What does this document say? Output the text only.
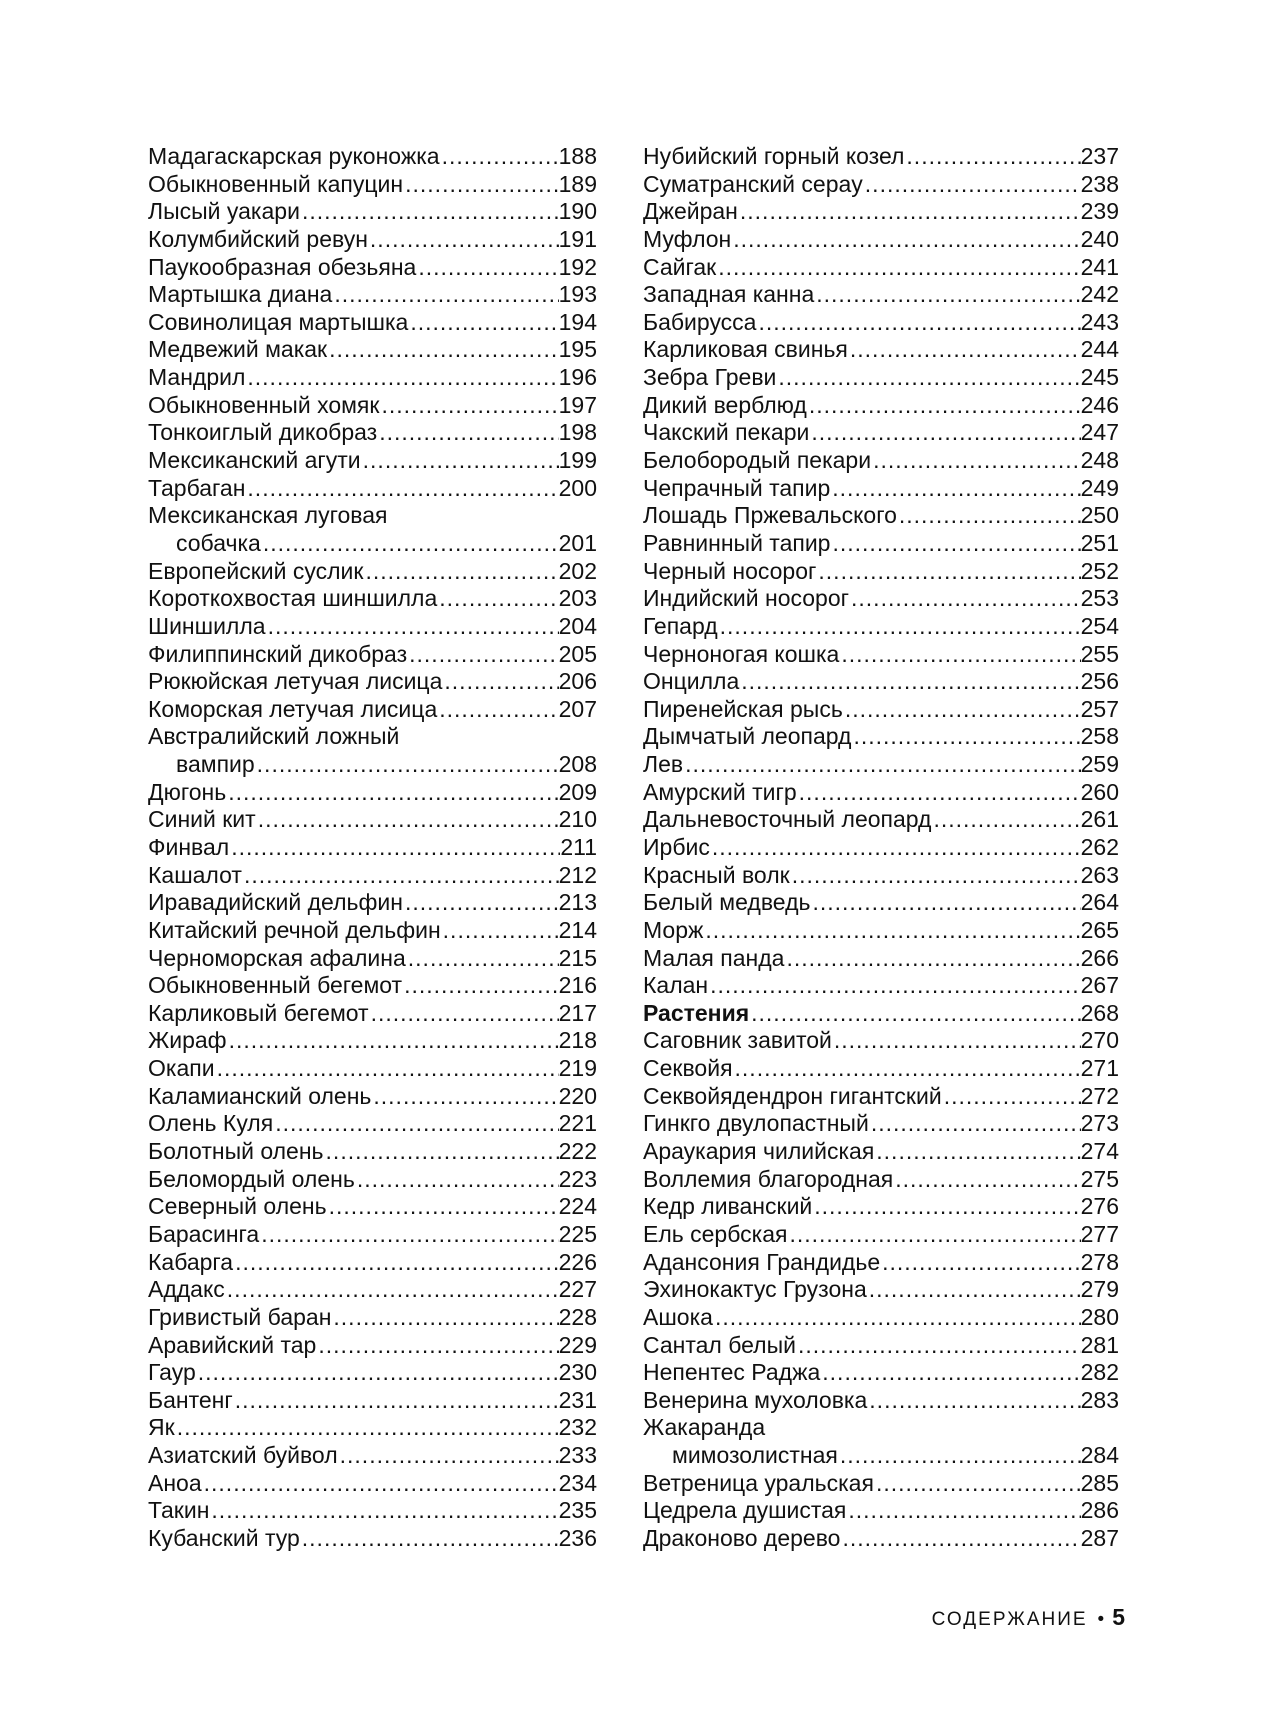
Мадагаскарская руконожка .....	188
Обыкновенный капуцин .....	189
Лысый уакари .....	190
Колумбийский ревун .....	191
Паукообразная обезьяна .....	192
Мартышка диана .....	193
Совинолицая мартышка .....	194
Медвежий макак .....	195
Мандрил .....	196
Обыкновенный хомяк .....	197
Тонкоиглый дикобраз .....	198
Мексиканский агути .....	199
Тарбаган .....	200
Мексиканская луговая
собачка .....	201
Европейский суслик .....	202
Короткохвостая шиншилла .....	203
Шиншилла .....	204
Филиппинский дикобраз .....	205
Рюкюйская летучая лисица .....	206
Коморская летучая лисица .....	207
Австралийский ложный
вампир .....	208
Дюгонь .....	209
Синий кит .....	210
Финвал .....	211
Кашалот .....	212
Иравадийский дельфин .....	213
Китайский речной дельфин .....	214
Черноморская афалина .....	215
Обыкновенный бегемот .....	216
Карликовый бегемот .....	217
Жираф .....	218
Окапи .....	219
Каламианский олень .....	220
Олень Куля .....	221
Болотный олень .....	222
Беломордый олень .....	223
Северный олень .....	224
Барасинга .....	225
Кабарга .....	226
Аддакс .....	227
Гривистый баран .....	228
Аравийский тар .....	229
Гаур .....	230
Бантенг .....	231
Як .....	232
Азиатский буйвол .....	233
Аноа .....	234
Такин .....	235
Кубанский тур .....	236
Нубийский горный козел .....	237
Суматранский сераy .....	238
Джейран .....	239
Муфлон .....	240
Сайгак .....	241
Западная канна .....	242
Бабирусса .....	243
Карликовая свинья .....	244
Зебра Греви .....	245
Дикий верблюд .....	246
Чакский пекари .....	247
Белобородый пекари .....	248
Чепрачный тапир .....	249
Лошадь Пржевальского .....	250
Равнинный тапир .....	251
Черный носорог .....	252
Индийский носорог .....	253
Гепард .....	254
Черноногая кошка .....	255
Онцилла .....	256
Пиренейская рысь .....	257
Дымчатый леопард .....	258
Лев .....	259
Амурский тигр .....	260
Дальневосточный леопард .....	261
Ирбис .....	262
Красный волк .....	263
Белый медведь .....	264
Морж .....	265
Малая панда .....	266
Калан .....	267
Растения .....	268
Саговник завитой .....	270
Секвойя .....	271
Секвойядендрон гигантский .....	272
Гинкго двулопастный .....	273
Араукария чилийская .....	274
Воллемия благородная .....	275
Кедр ливанский .....	276
Ель сербская .....	277
Адансония Грандидье .....	278
Эхинокактус Грузона .....	279
Ашока .....	280
Сантал белый .....	281
Непентес Раджа .....	282
Венерина мухоловка .....	283
Жакаранда
мимозолистная .....	284
Ветреница уральская .....	285
Цедрела душистая .....	286
Драконово дерево .....	287
СОДЕРЖАНИЕ • 5
